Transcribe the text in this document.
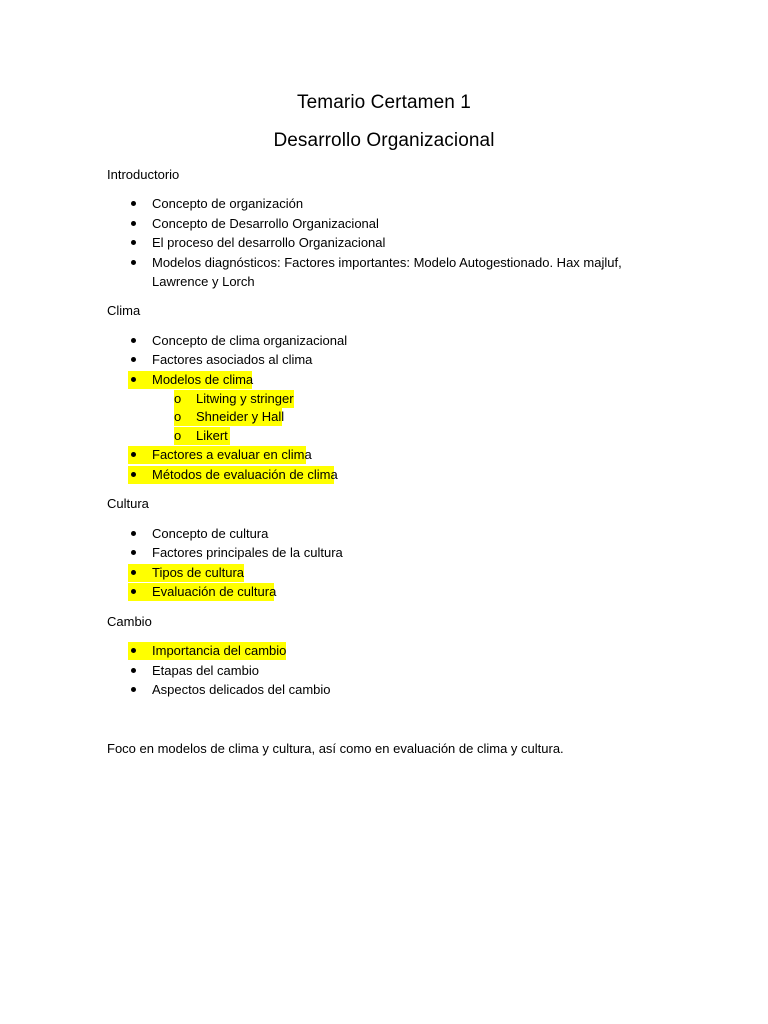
Temario Certamen 1
Desarrollo Organizacional
Introductorio
Concepto de organización
Concepto de Desarrollo Organizacional
El proceso del desarrollo Organizacional
Modelos diagnósticos: Factores importantes: Modelo Autogestionado. Hax majluf,
Lawrence y Lorch
Clima
Concepto de clima organizacional
Factores asociados al clima
Modelos de clima
o	Litwing y stringer
o	Shneider y Hall
o	Likert
Factores a evaluar en clima
Métodos de evaluación de clima
Cultura
Concepto de cultura
Factores principales de la cultura
Tipos de cultura
Evaluación de cultura
Cambio
Importancia del cambio
Etapas del cambio
Aspectos delicados del cambio
Foco en modelos de clima y cultura, así como en evaluación de clima y cultura.
